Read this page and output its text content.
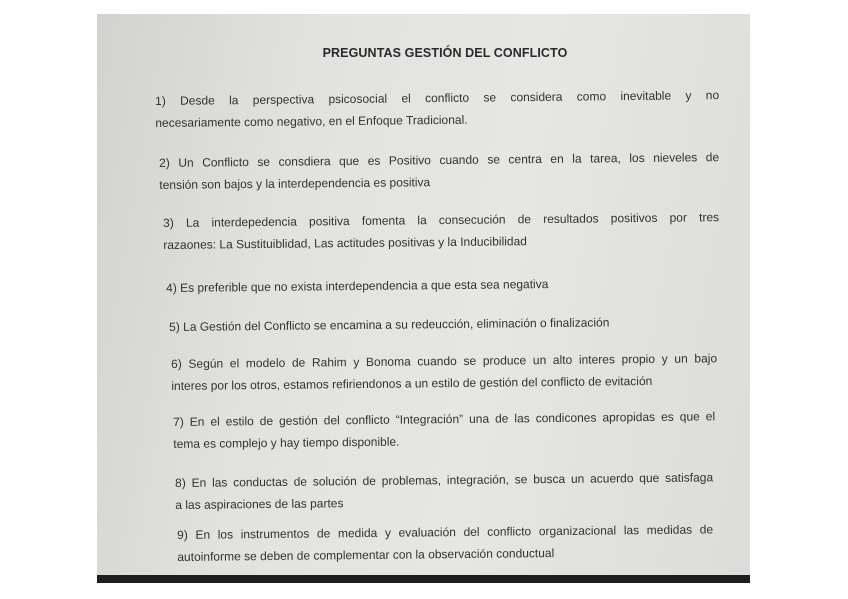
PREGUNTAS GESTIÓN DEL CONFLICTO
1) Desde la perspectiva psicosocial el conflicto se considera como inevitable y no
necesariamente como negativo, en el Enfoque Tradicional.
2) Un Conflicto se consdiera que es Positivo cuando se centra en la tarea, los nieveles de
tensión son bajos y la interdependencia es positiva
3) La interdepedencia positiva fomenta la consecución de resultados positivos por tres
razaones: La Sustituiblidad, Las actitudes positivas y la Inducibilidad
4) Es preferible que no exista interdependencia a que esta sea negativa
5) La Gestión del Conflicto se encamina a su redeucción, eliminación o finalización
6) Según el modelo de Rahim y Bonoma cuando se produce un alto interes propio y un bajo
interes por los otros, estamos refiriendonos a un estilo de gestión del conflicto de evitación
7) En el estilo de gestión del conflicto “Integración” una de las condicones apropidas es que el
tema es complejo y hay tiempo disponible.
8) En las conductas de solución de problemas, integración, se busca un acuerdo que satisfaga
a las aspiraciones de las partes
9) En los instrumentos de medida y evaluación del conflicto organizacional las medidas de
autoinforme se deben de complementar con la observación conductual
